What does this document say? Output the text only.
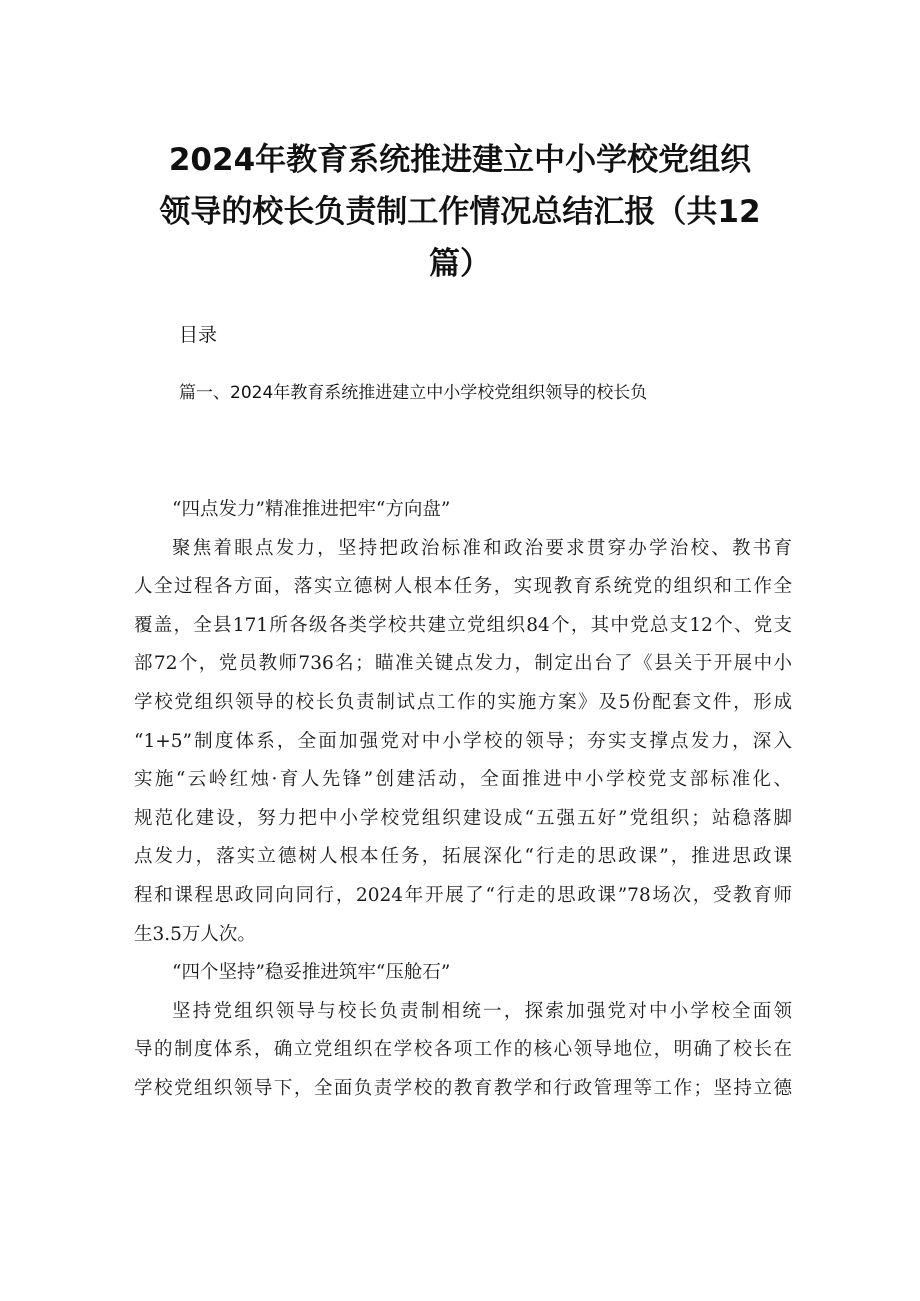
2024年教育系统推进建立中小学校党组织
领导的校长负责制工作情况总结汇报（共12
篇）
目录
篇一、2024年教育系统推进建立中小学校党组织领导的校长负
“四点发力”精准推进把牢“方向盘”
聚焦着眼点发力，坚持把政治标准和政治要求贯穿办学治校、教书育
人全过程各方面，落实立德树人根本任务，实现教育系统党的组织和工作全
覆盖，全县171所各级各类学校共建立党组织84个，其中党总支12个、党支
部72个，党员教师736名；瞄准关键点发力，制定出台了《县关于开展中小
学校党组织领导的校长负责制试点工作的实施方案》及5份配套文件，形成
“1+5”制度体系，全面加强党对中小学校的领导；夯实支撑点发力，深入
实施“云岭红烛·育人先锋”创建活动，全面推进中小学校党支部标准化、
规范化建设，努力把中小学校党组织建设成“五强五好”党组织；站稳落脚
点发力，落实立德树人根本任务，拓展深化“行走的思政课”，推进思政课
程和课程思政同向同行，2024年开展了“行走的思政课”78场次，受教育师
生3.5万人次。
“四个坚持”稳妥推进筑牢“压舱石”
坚持党组织领导与校长负责制相统一，探索加强党对中小学校全面领
导的制度体系，确立党组织在学校各项工作的核心领导地位，明确了校长在
学校党组织领导下，全面负责学校的教育教学和行政管理等工作；坚持立德
